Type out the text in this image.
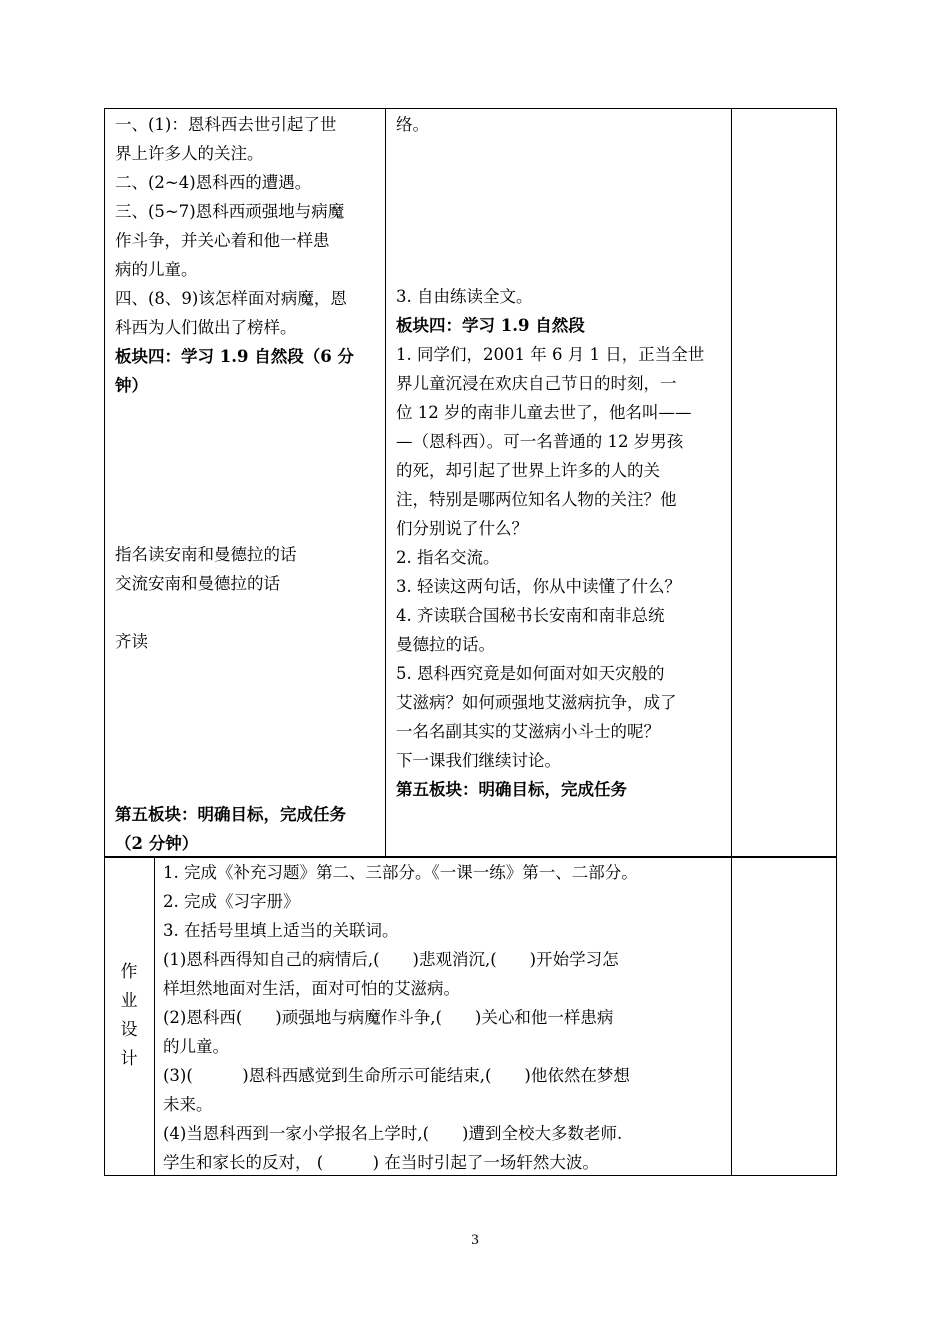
一、(1)：恩科西去世引起了世

界上许多人的关注。

二、(2~4)恩科西的遭遇。

三、(5~7)恩科西顽强地与病魔

作斗争，并关心着和他一样患

病的儿童。

四、(8、9)该怎样面对病魔，恩

科西为人们做出了榜样。

板块四：学习 1.9 自然段（6 分

钟）

指名读安南和曼德拉的话

交流安南和曼德拉的话

齐读

第五板块：明确目标，完成任务

（2 分钟）

络。

3. 自由练读全文。

板块四：学习 1.9 自然段

1. 同学们，2001 年 6 月 1 日，正当全世

界儿童沉浸在欢庆自己节日的时刻，一

位 12 岁的南非儿童去世了，他名叫——

—（恩科西）。可一名普通的 12 岁男孩

的死，却引起了世界上许多的人的关

注，特别是哪两位知名人物的关注？他

们分别说了什么？

2. 指名交流。

3. 轻读这两句话，你从中读懂了什么？

4. 齐读联合国秘书长安南和南非总统

曼德拉的话。

5. 恩科西究竟是如何面对如天灾般的

艾滋病？如何顽强地艾滋病抗争，成了

一名名副其实的艾滋病小斗士的呢？

下一课我们继续讨论。

第五板块：明确目标，完成任务

作
业
设
计

1. 完成《补充习题》第二、三部分。《一课一练》第一、二部分。

2. 完成《习字册》

3. 在括号里填上适当的关联词。

(1)恩科西得知自己的病情后,(　　)悲观消沉,(　　)开始学习怎

样坦然地面对生活，面对可怕的艾滋病。

(2)恩科西(　　)顽强地与病魔作斗争,(　　)关心和他一样患病

的儿童。

(3)(　　　)恩科西感觉到生命所示可能结束,(　　)他依然在梦想

未来。

(4)当恩科西到一家小学报名上学时,(　　)遭到全校大多数老师.

学生和家长的反对， (　　　) 在当时引起了一场轩然大波。

3
